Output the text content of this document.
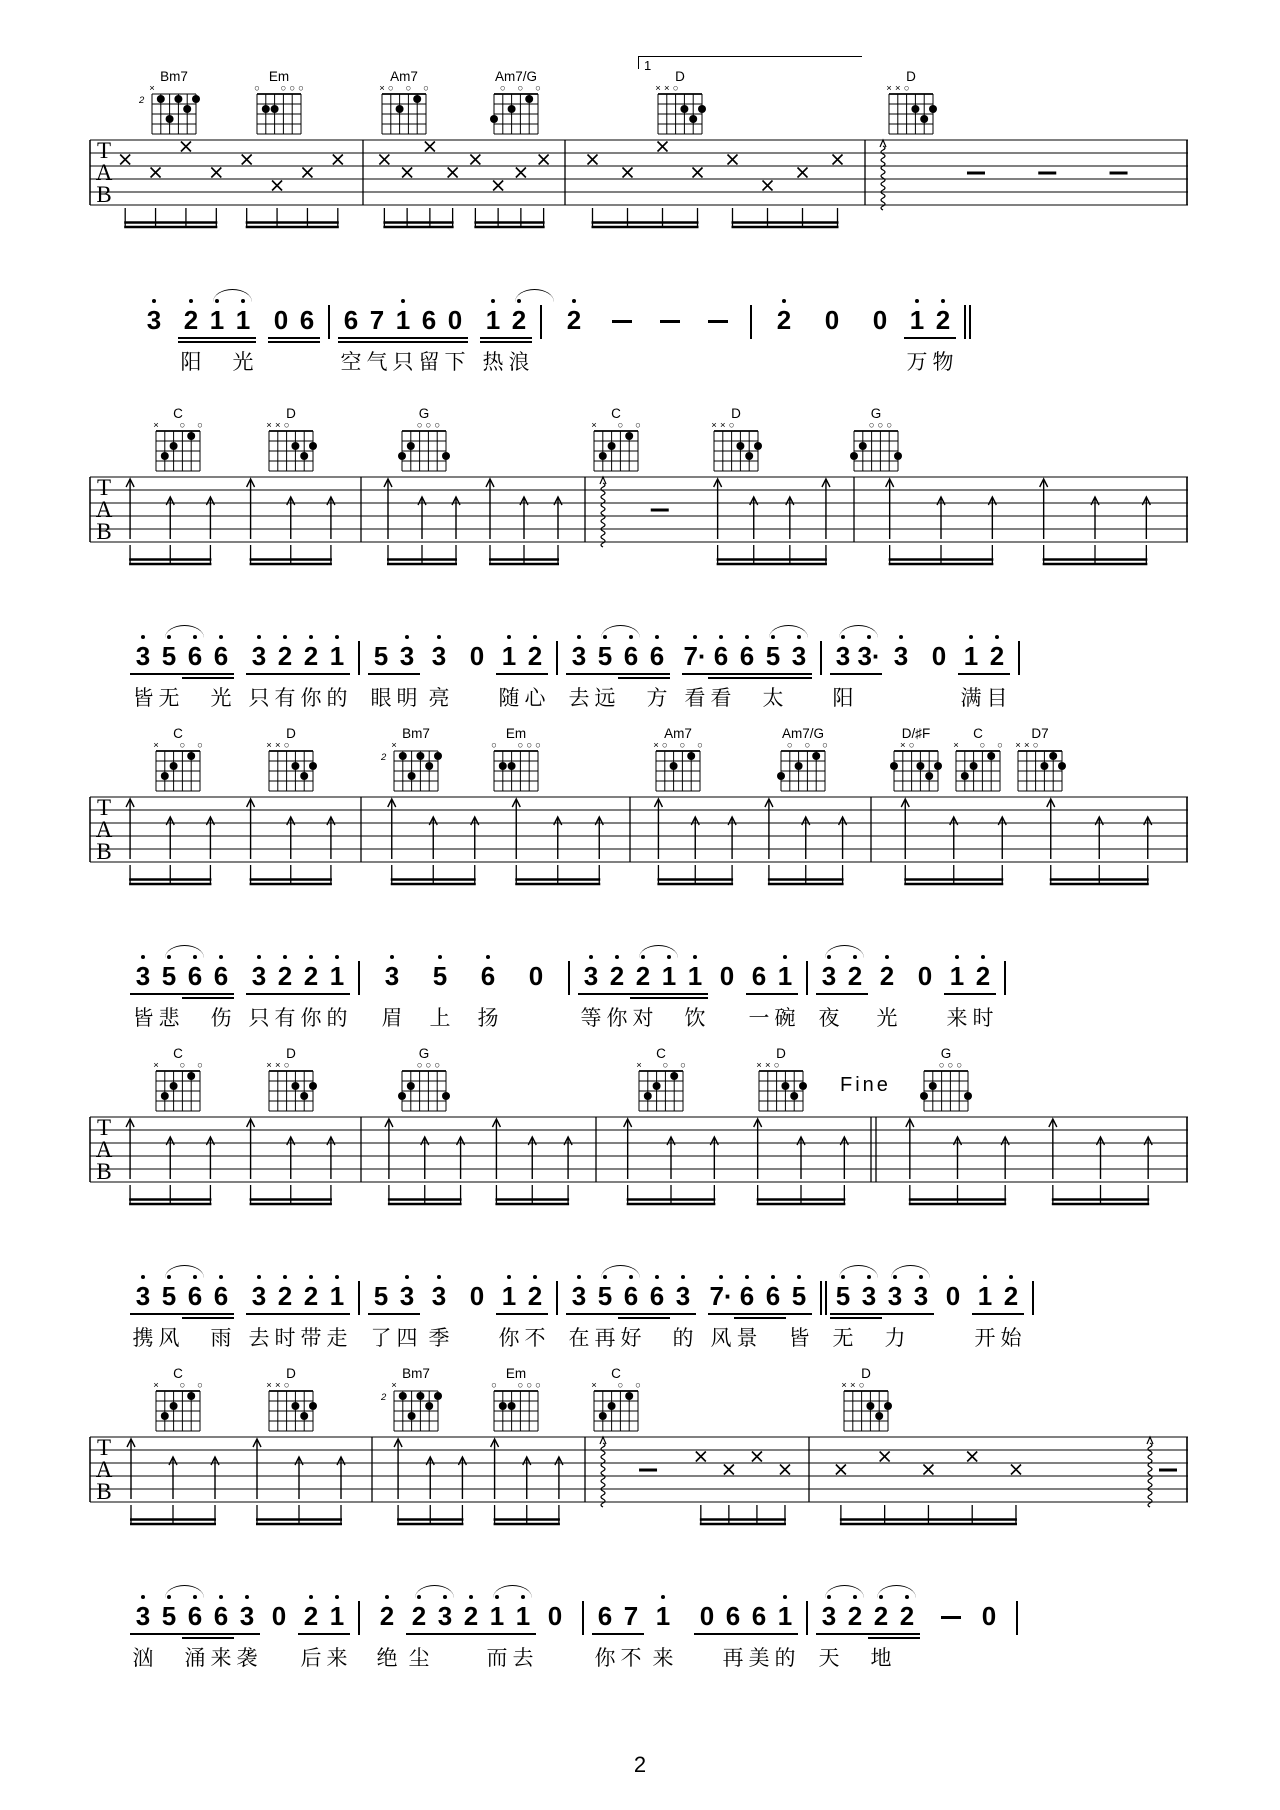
1
Bm7
×
2
Em
○ ○ ○ ○
Am7
× ○ ○ ○
Am7/G
○ ○ ○
D
× × ○
D
× × ○
T
A
B
3 2
阳
1 1
光
0 6 6
空
7
气
1
只
6
留
0
下
1
热
2
浪
2	2	0	0 1
万
2
物
C
× ○ ○
D
× × ○
G
○ ○ ○
C
× ○ ○
D
× × ○
G
○ ○ ○
T
A
B
3
皆
5
无
6 6
光
3
只
2
有
2
你
1
的
5
眼
3
明
3
亮
0 1
随
2
心
3
去
5
远
6 6
方
7·
看
6
看
6 5
太
3 3
阳
3· 3 0 1
满
2
目
C
× ○ ○
D
× × ○
Bm7
×
2
Em
○ ○ ○ ○
Am7
× ○ ○ ○
Am7/G
○ ○ ○
D/♯F
× ○
C
× ○ ○
D7
× × ○
T
A
B
3
皆
5
悲
6 6
伤
3
只
2
有
2
你
1
的
3
眉
5
上
6
扬
0	3
等
2
你
2
对
1 1
饮
0 6
一
1
碗
3
夜
2 2
光
0 1
来
2
时
Fine
C
× ○ ○
D
× × ○
G
○ ○ ○
C
× ○ ○
D
× × ○
G
○ ○ ○
T
A
B
3
携
5
风
6 6
雨
3
去
2
时
2
带
1
走
5
了
3
四
3
季
0 1
你
2
不
3
在
5
再
6
好
6 3
的
7·
风
6
景
6 5
皆
5
无
3 3
力
3 0 1
开
2
始
C
× ○ ○
D
× × ○
Bm7
×
2
Em
○ ○ ○ ○
C
× ○ ○
D
× × ○
T
A
B
3
汹
5 6
涌
6
来
3
袭
0 2
后
1
来
2
绝
2
尘
3 2 1
而
1
去
0	6
你
7
不
1
来
0 6
再
6
美
1
的
3
天
2 2
地
2	0
2
